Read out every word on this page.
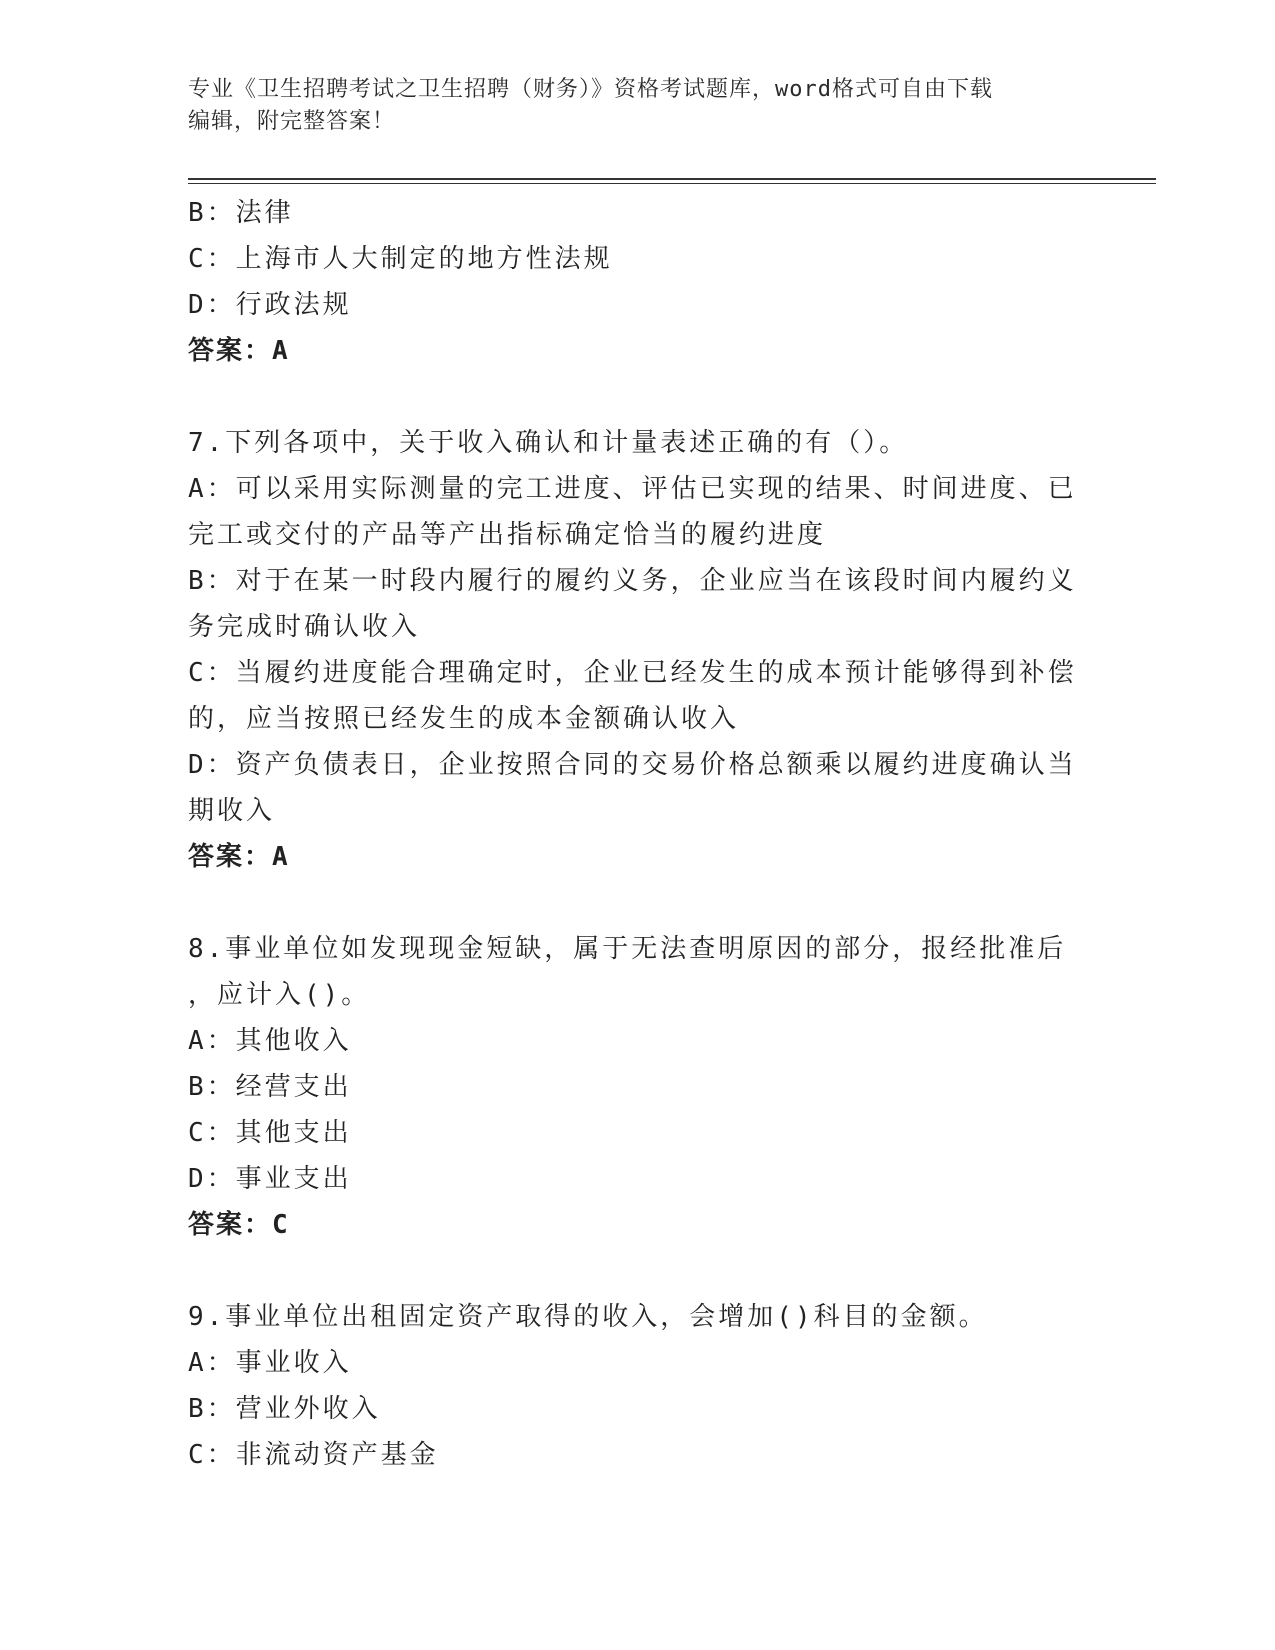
专业《卫生招聘考试之卫生招聘（财务）》资格考试题库，word格式可自由下载
编辑，附完整答案！
B：法律
C：上海市人大制定的地方性法规
D：行政法规
答案：A
7.下列各项中，关于收入确认和计量表述正确的有（）。
A：可以采用实际测量的完工进度、评估已实现的结果、时间进度、已
完工或交付的产品等产出指标确定恰当的履约进度
B：对于在某一时段内履行的履约义务，企业应当在该段时间内履约义
务完成时确认收入
C：当履约进度能合理确定时，企业已经发生的成本预计能够得到补偿
的，应当按照已经发生的成本金额确认收入
D：资产负债表日，企业按照合同的交易价格总额乘以履约进度确认当
期收入
答案：A
8.事业单位如发现现金短缺，属于无法查明原因的部分，报经批准后
，应计入()。
A：其他收入
B：经营支出
C：其他支出
D：事业支出
答案：C
9.事业单位出租固定资产取得的收入，会增加()科目的金额。
A：事业收入
B：营业外收入
C：非流动资产基金
